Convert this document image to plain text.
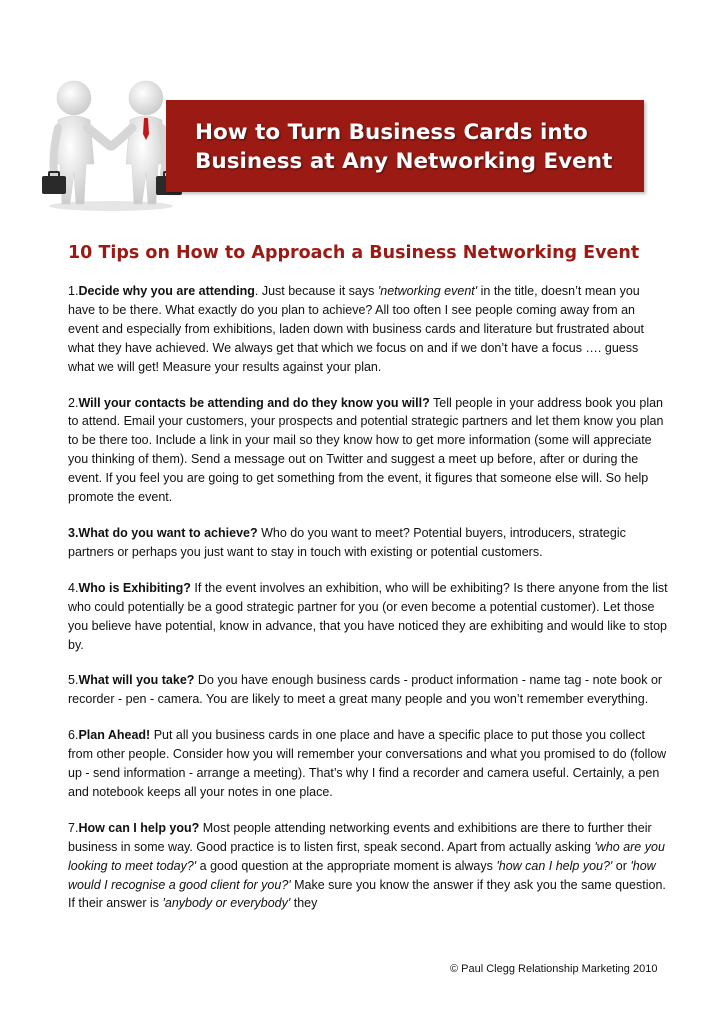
How to Turn Business Cards into
Business at Any Networking Event
10 Tips on How to Approach a Business Networking Event

1.Decide why you are attending. Just because it says 'networking event' in the title, doesn’t mean you have to be there. What exactly do you plan to achieve? All too often I see people coming away from an event and especially from exhibitions, laden down with business cards and literature but frustrated about what they have achieved. We always get that which we focus on and if we don’t have a focus …. guess what we will get! Measure your results against your plan.

2.Will your contacts be attending and do they know you will? Tell people in your address book you plan to attend. Email your customers, your prospects and potential strategic partners and let them know you plan to be there too. Include a link in your mail so they know how to get more information (some will appreciate you thinking of them). Send a message out on Twitter and suggest a meet up before, after or during the event. If you feel you are going to get something from the event, it figures that someone else will. So help promote the event.

3.What do you want to achieve? Who do you want to meet? Potential buyers, introducers, strategic partners or perhaps you just want to stay in touch with existing or potential customers.

4.Who is Exhibiting? If the event involves an exhibition, who will be exhibiting? Is there anyone from the list who could potentially be a good strategic partner for you (or even become a potential customer). Let those you believe have potential, know in advance, that you have noticed they are exhibiting and would like to stop by.

5.What will you take? Do you have enough business cards - product information - name tag - note book or recorder - pen - camera. You are likely to meet a great many people and you won’t remember everything.

6.Plan Ahead! Put all you business cards in one place and have a specific place to put those you collect from other people. Consider how you will remember your conversations and what you promised to do (follow up - send information - arrange a meeting). That’s why I find a recorder and camera useful. Certainly, a pen and notebook keeps all your notes in one place.

7.How can I help you? Most people attending networking events and exhibitions are there to further their business in some way. Good practice is to listen first, speak second. Apart from actually asking 'who are you looking to meet today?' a good question at the appropriate moment is always 'how can I help you?' or 'how would I recognise a good client for you?' Make sure you know the answer if they ask you the same question. If their answer is 'anybody or everybody' they

© Paul Clegg Relationship Marketing 2010
